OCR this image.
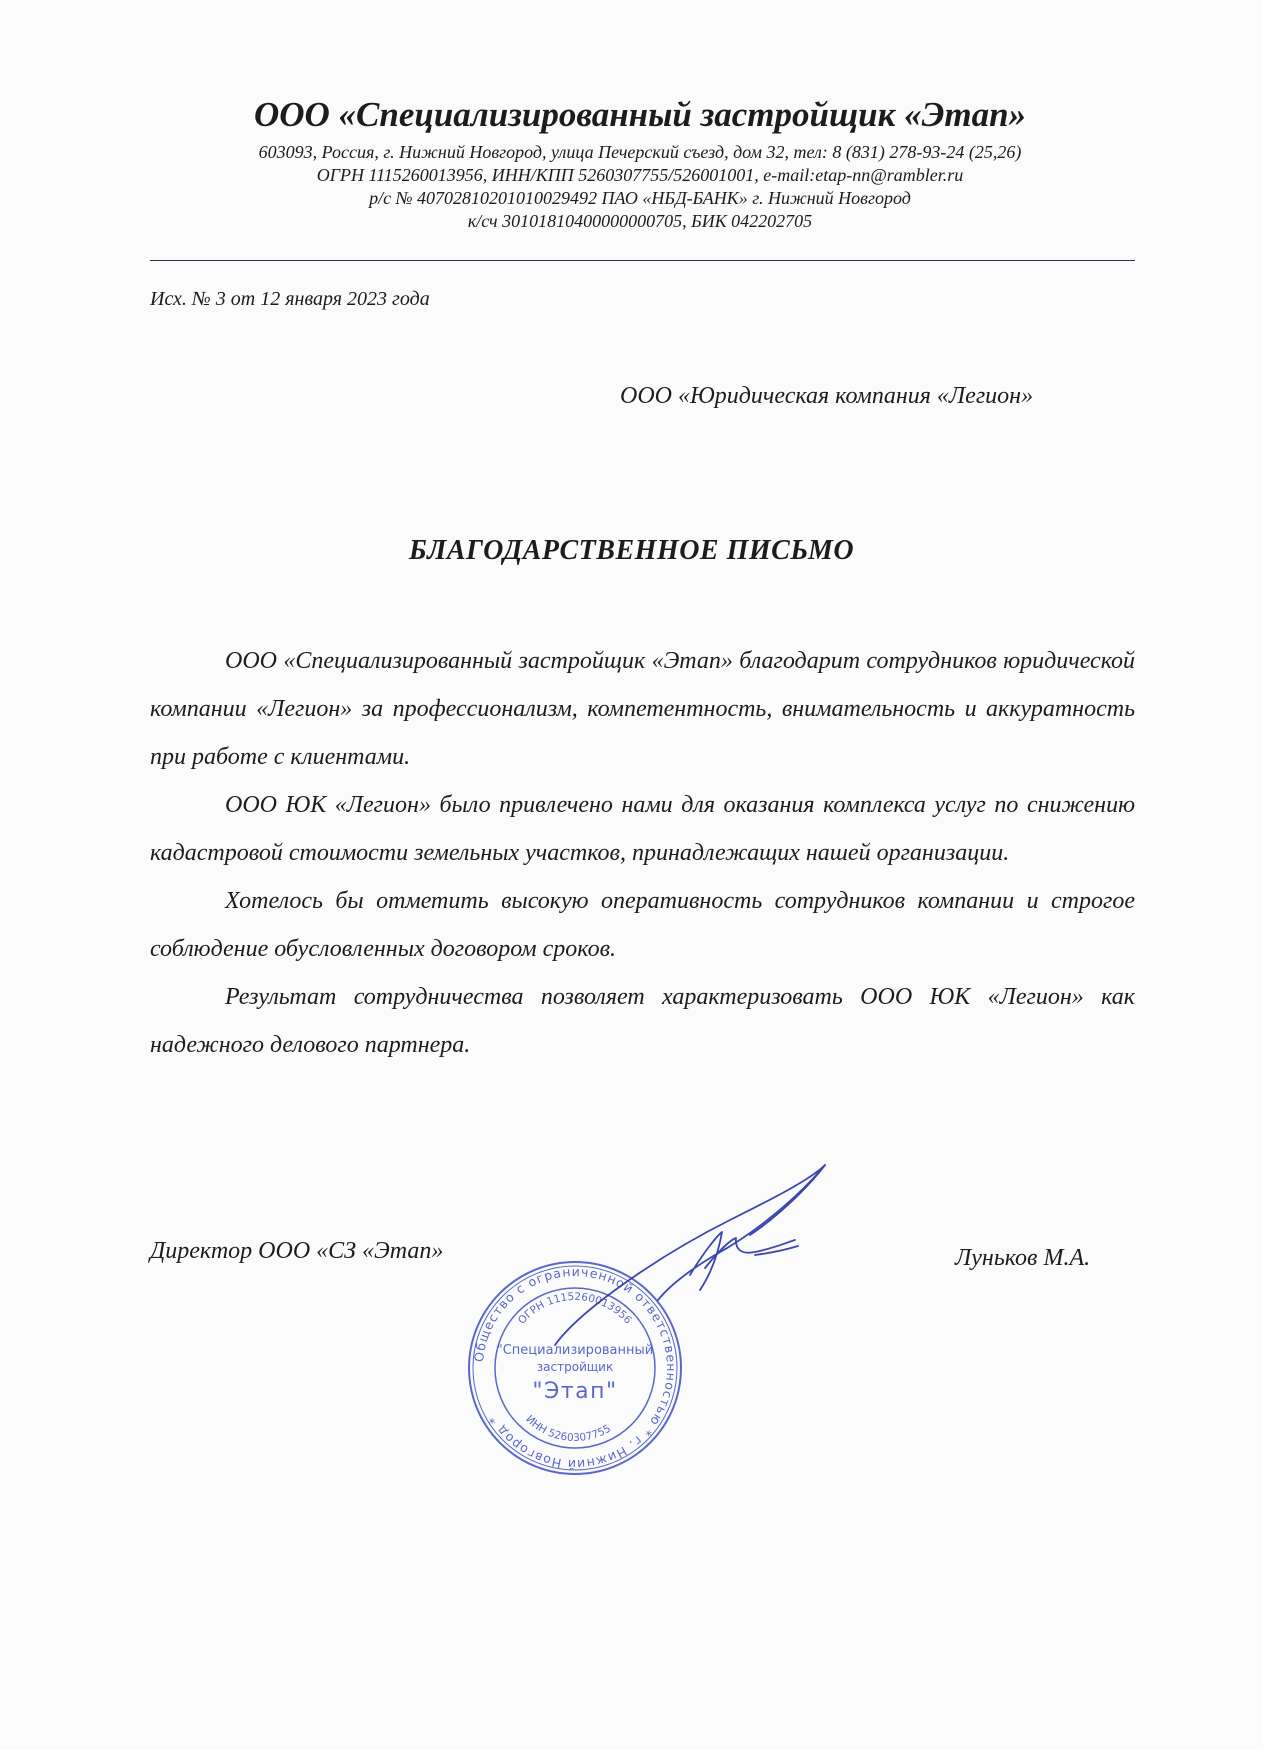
ООО «Специализированный застройщик «Этап»
603093, Россия, г. Нижний Новгород, улица Печерский съезд, дом 32, тел: 8 (831) 278-93-24 (25,26)
ОГРН 1115260013956, ИНН/КПП 5260307755/526001001, e-mail:etap-nn@rambler.ru
р/с № 40702810201010029492 ПАО «НБД-БАНК» г. Нижний Новгород
к/сч 30101810400000000705, БИК 042202705
Исх. № 3 от 12 января 2023 года
ООО «Юридическая компания «Легион»
БЛАГОДАРСТВЕННОЕ ПИСЬМО

ООО «Специализированный застройщик «Этап» благодарит сотрудников юридической компании «Легион» за профессионализм, компетентность, внимательность и аккуратность при работе с клиентами.

ООО ЮК «Легион» было привлечено нами для оказания комплекса услуг по снижению кадастровой стоимости земельных участков, принадлежащих нашей организации.

Хотелось бы отметить высокую оперативность сотрудников компании и строгое соблюдение обусловленных договором сроков.

Результат сотрудничества позволяет характеризовать ООО ЮК «Легион» как надежного делового партнера.

Директор ООО «СЗ «Этап»	Луньков М.А.
Общество с ограниченной ответственностью * г. Нижний Новгород *
ОГРН 1115260013956
ИНН 5260307755
"Специализированный
застройщик
"Этап"
